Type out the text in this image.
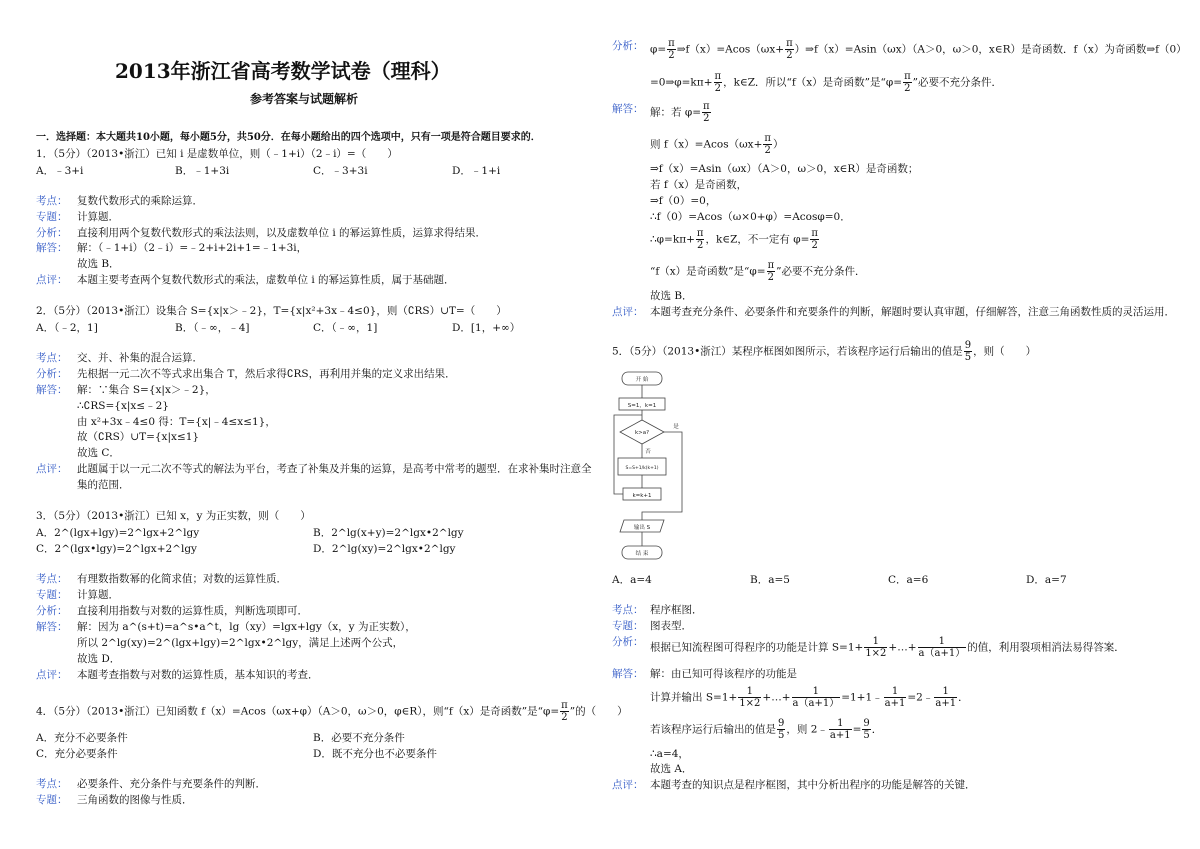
2013年浙江省高考数学试卷（理科）
参考答案与试题解析
一．选择题：本大题共10小题，每小题5分，共50分．在每小题给出的四个选项中，只有一项是符合题目要求的．
1．（5分）（2013•浙江）已知 i 是虚数单位，则（﹣1+i）（2﹣i）=（　　）
A．﹣3+i	B．﹣1+3i	C．﹣3+3i	D．﹣1+i
考点： 复数代数形式的乘除运算．
专题： 计算题．
分析： 直接利用两个复数代数形式的乘法法则，以及虚数单位 i 的幂运算性质，运算求得结果．
解答： 解：（﹣1+i）（2﹣i）=﹣2+i+2i+1=﹣1+3i，
故选 B．
点评： 本题主要考查两个复数代数形式的乘法，虚数单位 i 的幂运算性质，属于基础题．
2．（5分）（2013•浙江）设集合 S={x|x＞﹣2}，T={x|x²+3x﹣4≤0}，则（∁RS）∪T=（　　）
A．（﹣2，1]	B．（﹣∞，﹣4]	C．（﹣∞，1]	D．[1，+∞）
考点： 交、并、补集的混合运算．
分析： 先根据一元二次不等式求出集合 T，然后求得∁RS，再利用并集的定义求出结果．
解答： 解：∵集合 S={x|x＞﹣2}，
∴∁RS={x|x≤﹣2}
由 x²+3x﹣4≤0 得：T={x|﹣4≤x≤1}，
故（∁RS）∪T={x|x≤1}
故选 C．
点评： 此题属于以一元二次不等式的解法为平台，考查了补集及并集的运算，是高考中常考的题型．在求补集时注意全
集的范围．
3．（5分）（2013•浙江）已知 x，y 为正实数，则（　　）
A．2^(lgx+lgy)=2^lgx+2^lgy	B．2^lg(x+y)=2^lgx•2^lgy
C．2^(lgx•lgy)=2^lgx+2^lgy	D．2^lg(xy)=2^lgx•2^lgy
考点： 有理数指数幂的化简求值；对数的运算性质．
专题： 计算题．
分析： 直接利用指数与对数的运算性质，判断选项即可．
解答： 解：因为 a^(s+t)=a^s•a^t，lg（xy）=lgx+lgy（x，y 为正实数），
所以 2^lg(xy)=2^(lgx+lgy)=2^lgx•2^lgy，满足上述两个公式，
故选 D．
点评： 本题考查指数与对数的运算性质，基本知识的考查．
4．（5分）（2013•浙江）已知函数 f（x）=Acos（ωx+φ）（A＞0，ω＞0，φ∈R），则“f（x）是奇函数”是“$\varphi= \frac{\pi}{2}$ ”的（　　）
A．充分不必要条件	B．必要不充分条件
C．充分必要条件	D．既不充分也不必要条件
考点： 必要条件、充分条件与充要条件的判断．
专题： 三角函数的图像与性质．
分析： $\varphi= \frac{\pi}{2}$ ⇒f（x）=Acos（ωx+ $\frac{\pi}{2}$ ）⇒f（x）=Asin（ωx）（A＞0，ω＞0，x∈R）是奇函数．f（x）为奇函数⇒f（0）
=0⇒φ=kπ+ $\frac{\pi}{2}$ ，k∈Z．所以“f（x）是奇函数”是“$\varphi= \frac{\pi}{2}$ ”必要不充分条件．
解答： 解：若 $\varphi= \frac{\pi}{2}$
则 $f(x)=Acos(\omega x+ \frac{\pi}{2}$ ）
⇒f（x）=Asin（ωx）（A＞0，ω＞0，x∈R）是奇函数；
若 f（x）是奇函数，
⇒f（0）=0，
∴f（0）=Acos（ω×0+φ）=Acosφ=0．
∴φ=kπ+ $\frac{\pi}{2}$ ，k∈Z，不一定有 $\varphi= \frac{\pi}{2}$
“f（x）是奇函数”是“$\varphi= \frac{\pi}{2}$ ”必要不充分条件．
故选 B．
点评： 本题考查充分条件、必要条件和充要条件的判断，解题时要认真审题，仔细解答，注意三角函数性质的灵活运用．
5．（5分）（2013•浙江）某程序框图如图所示，若该程序运行后输出的值是 $\frac{9}{5}$ ，则（　　）
开 始
S=1，k=1
k>a?
是
否
S=S+1/k(k+1)
k=k+1
输出 S
结 束
A．a=4	B．a=5	C．a=6	D．a=7
考点： 程序框图．
专题： 图表型．
分析： 根据已知流程图可得程序的功能是计算 $S=1+ \frac{1}{1\times 2}$ +…+ $\frac{1}{a(a+1)}$ 的值，利用裂项相消法易得答案．
解答： 解：由已知可得该程序的功能是
计算并输出 $S=1+ \frac{1}{1\times 2}$ +…+ $\frac{1}{a(a+1)}$ =1+1﹣ $\frac{1}{a+1}$ =2﹣ $\frac{1}{a+1}$ ．
若该程序运行后输出的值是 $\frac{9}{5}$ ，则 2﹣ $\frac{1}{a+1} = \frac{9}{5}$ ．
∴a=4，
故选 A．
点评： 本题考查的知识点是程序框图，其中分析出程序的功能是解答的关键．
